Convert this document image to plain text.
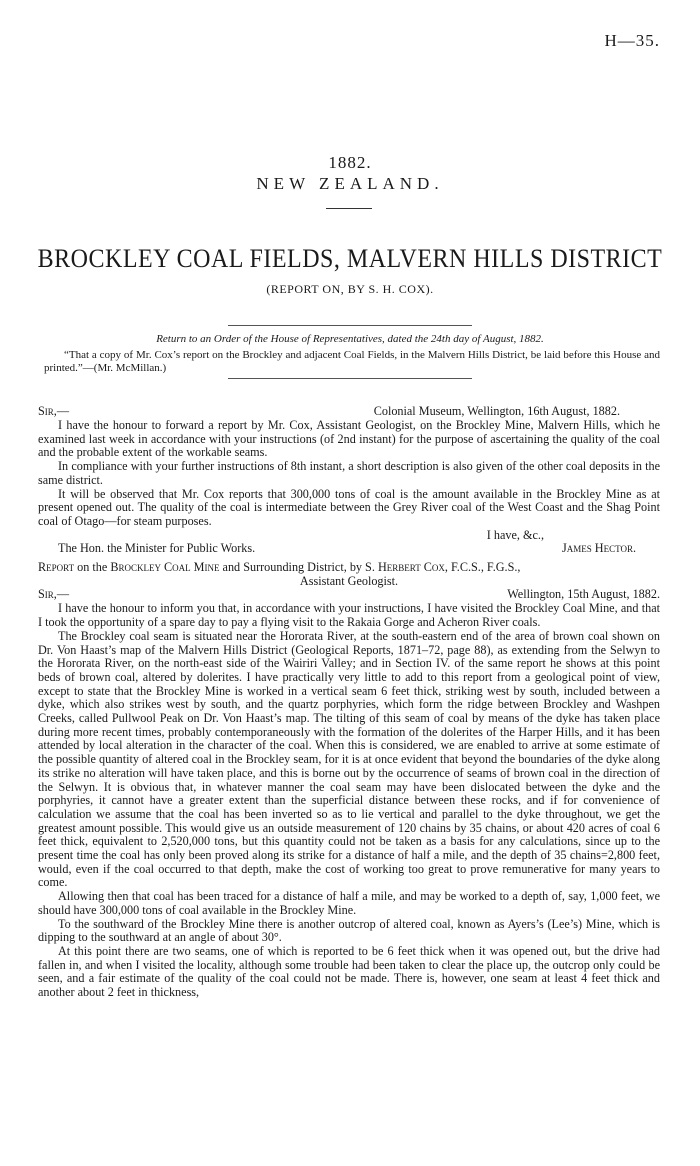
H—35.
1882.
NEW ZEALAND.
BROCKLEY COAL FIELDS, MALVERN HILLS DISTRICT
(REPORT ON, BY S. H. COX).
Return to an Order of the House of Representatives, dated the 24th day of August, 1882.
“That a copy of Mr. Cox’s report on the Brockley and adjacent Coal Fields, in the Malvern Hills District, be laid before this House and printed.”—(Mr. McMillan.)
Sir,—	Colonial Museum, Wellington, 16th August, 1882.

I have the honour to forward a report by Mr. Cox, Assistant Geologist, on the Brockley Mine, Malvern Hills, which he examined last week in accordance with your instructions (of 2nd instant) for the purpose of ascertaining the quality of the coal and the probable extent of the workable seams.

In compliance with your further instructions of 8th instant, a short description is also given of the other coal deposits in the same district.

It will be observed that Mr. Cox reports that 300,000 tons of coal is the amount available in the Brockley Mine as at present opened out. The quality of the coal is intermediate between the Grey River coal of the West Coast and the Shag Point coal of Otago—for steam purposes.

I have, &c.,
The Hon. the Minister for Public Works.	James Hector.
Report on the Brockley Coal Mine and Surrounding District, by S. Herbert Cox, F.C.S., F.G.S.,
Assistant Geologist.
Sir,—	Wellington, 15th August, 1882.

I have the honour to inform you that, in accordance with your instructions, I have visited the Brockley Coal Mine, and that I took the opportunity of a spare day to pay a flying visit to the Rakaia Gorge and Acheron River coals.

The Brockley coal seam is situated near the Hororata River, at the south-eastern end of the area of brown coal shown on Dr. Von Haast’s map of the Malvern Hills District (Geological Reports, 1871–72, page 88), as extending from the Selwyn to the Hororata River, on the north-east side of the Wairiri Valley; and in Section IV. of the same report he shows at this point beds of brown coal, altered by dolerites. I have practically very little to add to this report from a geological point of view, except to state that the Brockley Mine is worked in a vertical seam 6 feet thick, striking west by south, included between a dyke, which also strikes west by south, and the quartz porphyries, which form the ridge between Brockley and Washpen Creeks, called Pullwool Peak on Dr. Von Haast’s map. The tilting of this seam of coal by means of the dyke has taken place during more recent times, probably contemporaneously with the formation of the dolerites of the Harper Hills, and it has been attended by local alteration in the character of the coal. When this is considered, we are enabled to arrive at some estimate of the possible quantity of altered coal in the Brockley seam, for it is at once evident that beyond the boundaries of the dyke along its strike no alteration will have taken place, and this is borne out by the occurrence of seams of brown coal in the direction of the Selwyn. It is obvious that, in whatever manner the coal seam may have been dislocated between the dyke and the porphyries, it cannot have a greater extent than the superficial distance between these rocks, and if for convenience of calculation we assume that the coal has been inverted so as to lie vertical and parallel to the dyke throughout, we get the greatest amount possible. This would give us an outside measurement of 120 chains by 35 chains, or about 420 acres of coal 6 feet thick, equivalent to 2,520,000 tons, but this quantity could not be taken as a basis for any calculations, since up to the present time the coal has only been proved along its strike for a distance of half a mile, and the depth of 35 chains=2,800 feet, would, even if the coal occurred to that depth, make the cost of working too great to prove remunerative for many years to come.

Allowing then that coal has been traced for a distance of half a mile, and may be worked to a depth of, say, 1,000 feet, we should have 300,000 tons of coal available in the Brockley Mine.

To the southward of the Brockley Mine there is another outcrop of altered coal, known as Ayers’s (Lee’s) Mine, which is dipping to the southward at an angle of about 30°.

At this point there are two seams, one of which is reported to be 6 feet thick when it was opened out, but the drive had fallen in, and when I visited the locality, although some trouble had been taken to clear the place up, the outcrop only could be seen, and a fair estimate of the quality of the coal could not be made. There is, however, one seam at least 4 feet thick and another about 2 feet in thickness,
